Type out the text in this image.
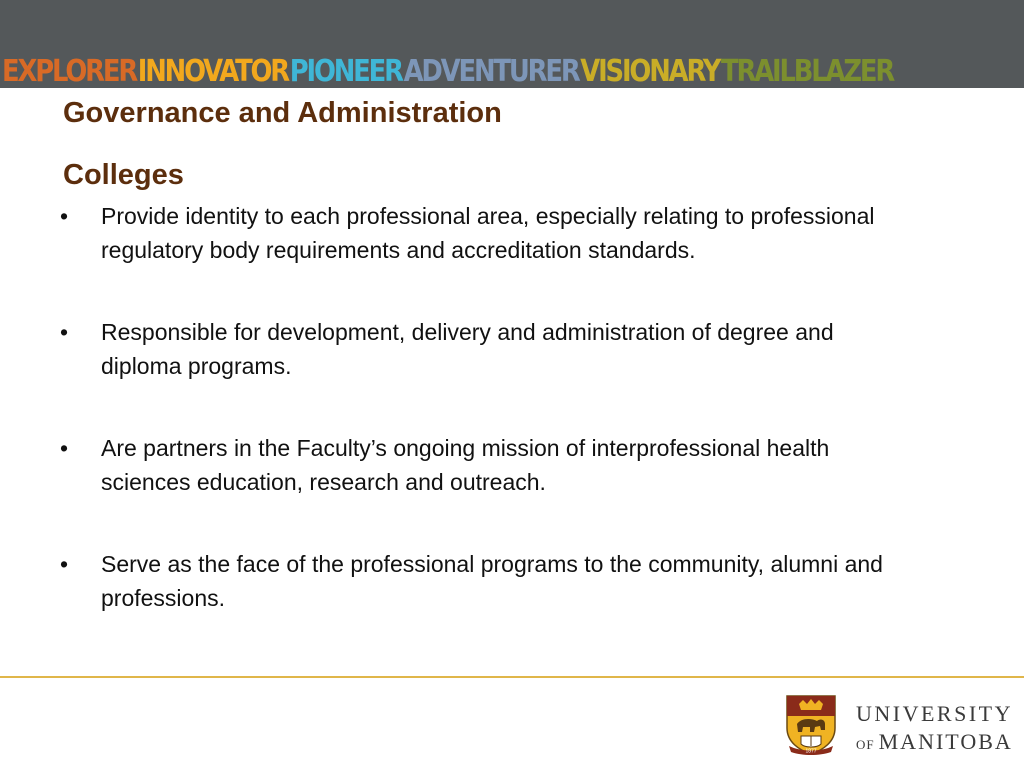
EXPLORER INNOVATOR PIONEER ADVENTURER VISIONARY TRAILBLAZER
Governance and Administration
Colleges
• Provide identity to each professional area, especially relating to professional regulatory body requirements and accreditation standards.
• Responsible for development, delivery and administration of degree and diploma programs.
• Are partners in the Faculty’s ongoing mission of interprofessional health sciences education, research and outreach.
• Serve as the face of the professional programs to the community, alumni and professions.
1877
UNIVERSITY
OF MANITOBA
